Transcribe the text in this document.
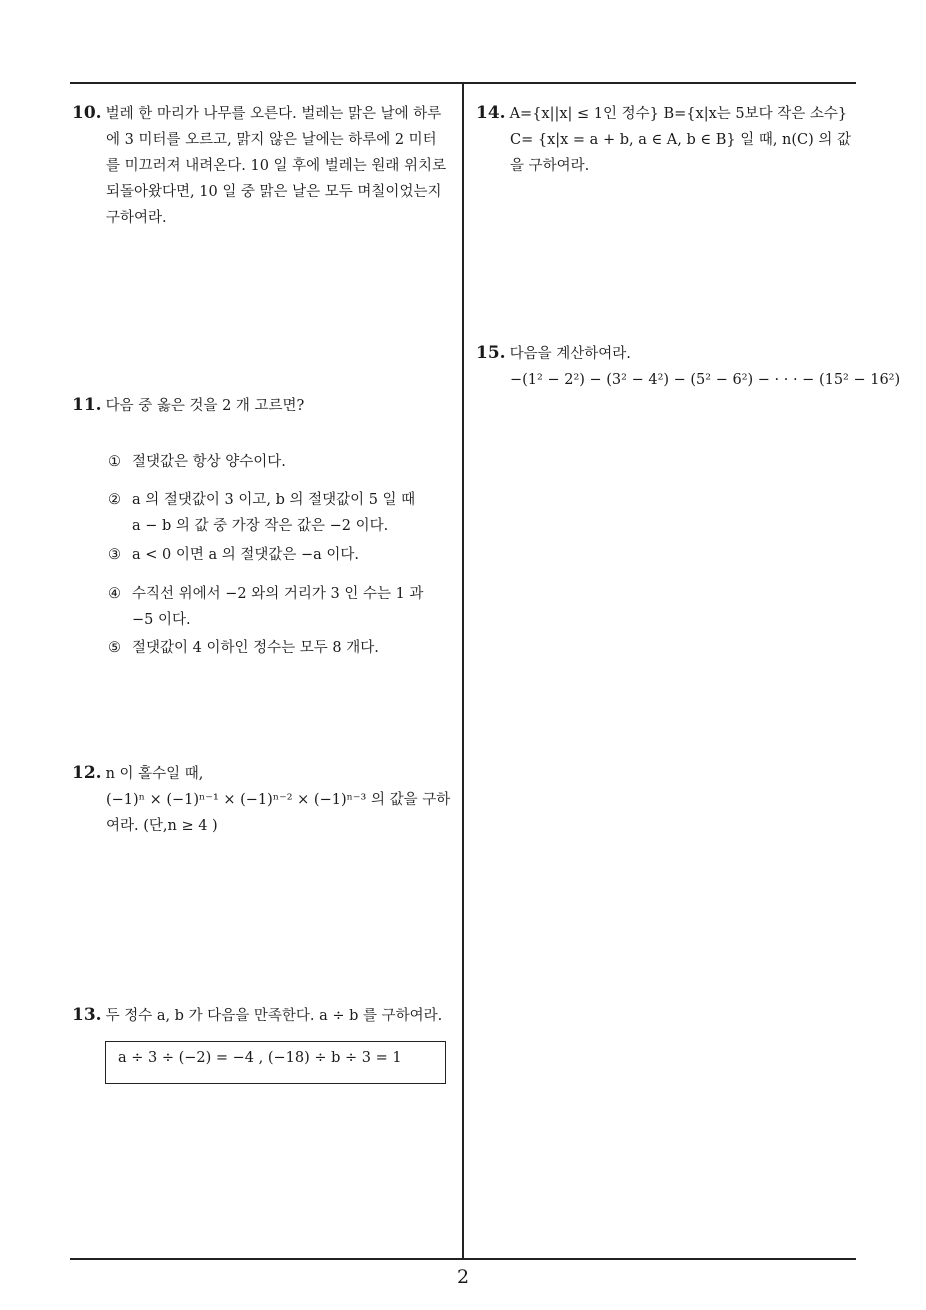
10. 벌레 한 마리가 나무를 오른다. 벌레는 맑은 날에 하루
에 3 미터를 오르고, 맑지 않은 날에는 하루에 2 미터
를 미끄러져 내려온다. 10 일 후에 벌레는 원래 위치로
되돌아왔다면, 10 일 중 맑은 날은 모두 며칠이었는지
구하여라.
11. 다음 중 옳은 것을 2 개 고르면?
① 절댓값은 항상 양수이다.
② a 의 절댓값이 3 이고, b 의 절댓값이 5 일 때
a − b 의 값 중 가장 작은 값은 −2 이다.
③ a < 0 이면 a 의 절댓값은 −a 이다.
④ 수직선 위에서 −2 와의 거리가 3 인 수는 1 과
−5 이다.
⑤ 절댓값이 4 이하인 정수는 모두 8 개다.
12. n 이 홀수일 때,
(−1)ⁿ × (−1)ⁿ⁻¹ × (−1)ⁿ⁻² × (−1)ⁿ⁻³ 의 값을 구하
여라. (단,n ≥ 4 )
13. 두 정수 a, b 가 다음을 만족한다. a ÷ b 를 구하여라.
a ÷ 3 ÷ (−2) = −4 , (−18) ÷ b ÷ 3 = 1
14. A={x||x| ≤ 1인 정수} B={x|x는 5보다 작은 소수}
C= {x|x = a + b, a ∈ A, b ∈ B} 일 때, n(C) 의 값
을 구하여라.
15. 다음을 계산하여라.
−(1² − 2²) − (3² − 4²) − (5² − 6²) − · · · − (15² − 16²)
2
